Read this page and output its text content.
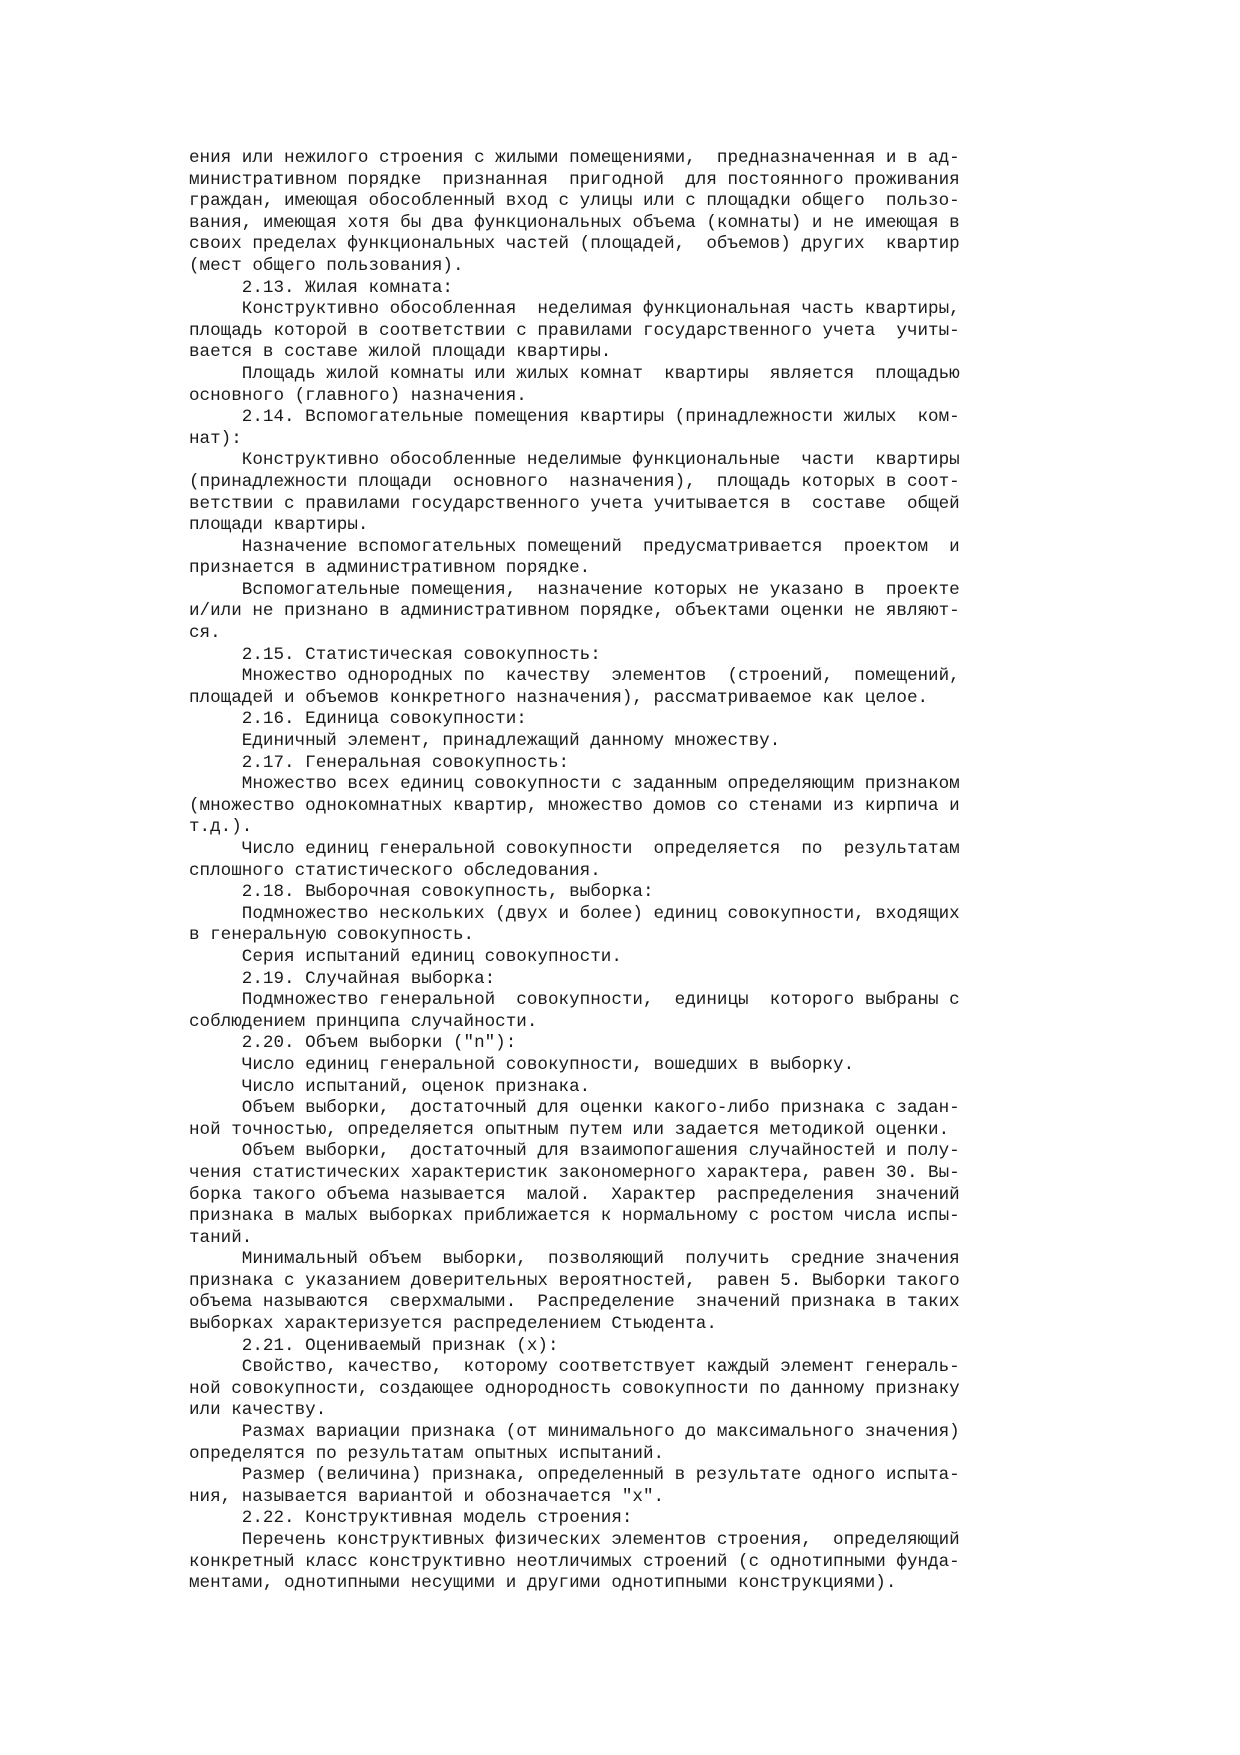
ения или нежилого строения с жилыми помещениями,  предназначенная и в ад-
министративном порядке  признанная  пригодной  для постоянного проживания
граждан, имеющая обособленный вход с улицы или с площадки общего  пользо-
вания, имеющая хотя бы два функциональных объема (комнаты) и не имеющая в
своих пределах функциональных частей (площадей,  объемов) других  квартир
(мест общего пользования).
2.13. Жилая комната:
Конструктивно обособленная  неделимая функциональная часть квартиры,
площадь которой в соответствии с правилами государственного учета  учиты-
вается в составе жилой площади квартиры.
Площадь жилой комнаты или жилых комнат  квартиры  является  площадью
основного (главного) назначения.
2.14. Вспомогательные помещения квартиры (принадлежности жилых  ком-
нат):
Конструктивно обособленные неделимые функциональные  части  квартиры
(принадлежности площади  основного  назначения),  площадь которых в соот-
ветствии с правилами государственного учета учитывается в  составе  общей
площади квартиры.
Назначение вспомогательных помещений  предусматривается  проектом  и
признается в административном порядке.
Вспомогательные помещения,  назначение которых не указано в  проекте
и/или не признано в административном порядке, объектами оценки не являют-
ся.
2.15. Статистическая совокупность:
Множество однородных по  качеству  элементов  (строений,  помещений,
площадей и объемов конкретного назначения), рассматриваемое как целое.
2.16. Единица совокупности:
Единичный элемент, принадлежащий данному множеству.
2.17. Генеральная совокупность:
Множество всех единиц совокупности с заданным определяющим признаком
(множество однокомнатных квартир, множество домов со стенами из кирпича и
т.д.).
Число единиц генеральной совокупности  определяется  по  результатам
сплошного статистического обследования.
2.18. Выборочная совокупность, выборка:
Подмножество нескольких (двух и более) единиц совокупности, входящих
в генеральную совокупность.
Серия испытаний единиц совокупности.
2.19. Случайная выборка:
Подмножество генеральной  совокупности,  единицы  которого выбраны с
соблюдением принципа случайности.
2.20. Объем выборки ("n"):
Число единиц генеральной совокупности, вошедших в выборку.
Число испытаний, оценок признака.
Объем выборки,  достаточный для оценки какого-либо признака с задан-
ной точностью, определяется опытным путем или задается методикой оценки.
Объем выборки,  достаточный для взаимопогашения случайностей и полу-
чения статистических характеристик закономерного характера, равен 30. Вы-
борка такого объема называется  малой.  Характер  распределения  значений
признака в малых выборках приближается к нормальному с ростом числа испы-
таний.
Минимальный объем  выборки,  позволяющий  получить  средние значения
признака с указанием доверительных вероятностей,  равен 5. Выборки такого
объема называются  сверхмалыми.  Распределение  значений признака в таких
выборках характеризуется распределением Стьюдента.
2.21. Оцениваемый признак (х):
Свойство, качество,  которому соответствует каждый элемент генераль-
ной совокупности, создающее однородность совокупности по данному признаку
или качеству.
Размах вариации признака (от минимального до максимального значения)
определятся по результатам опытных испытаний.
Размер (величина) признака, определенный в результате одного испыта-
ния, называется вариантой и обозначается "х".
2.22. Конструктивная модель строения:
Перечень конструктивных физических элементов строения,  определяющий
конкретный класс конструктивно неотличимых строений (с однотипными фунда-
ментами, однотипными несущими и другими однотипными конструкциями).
